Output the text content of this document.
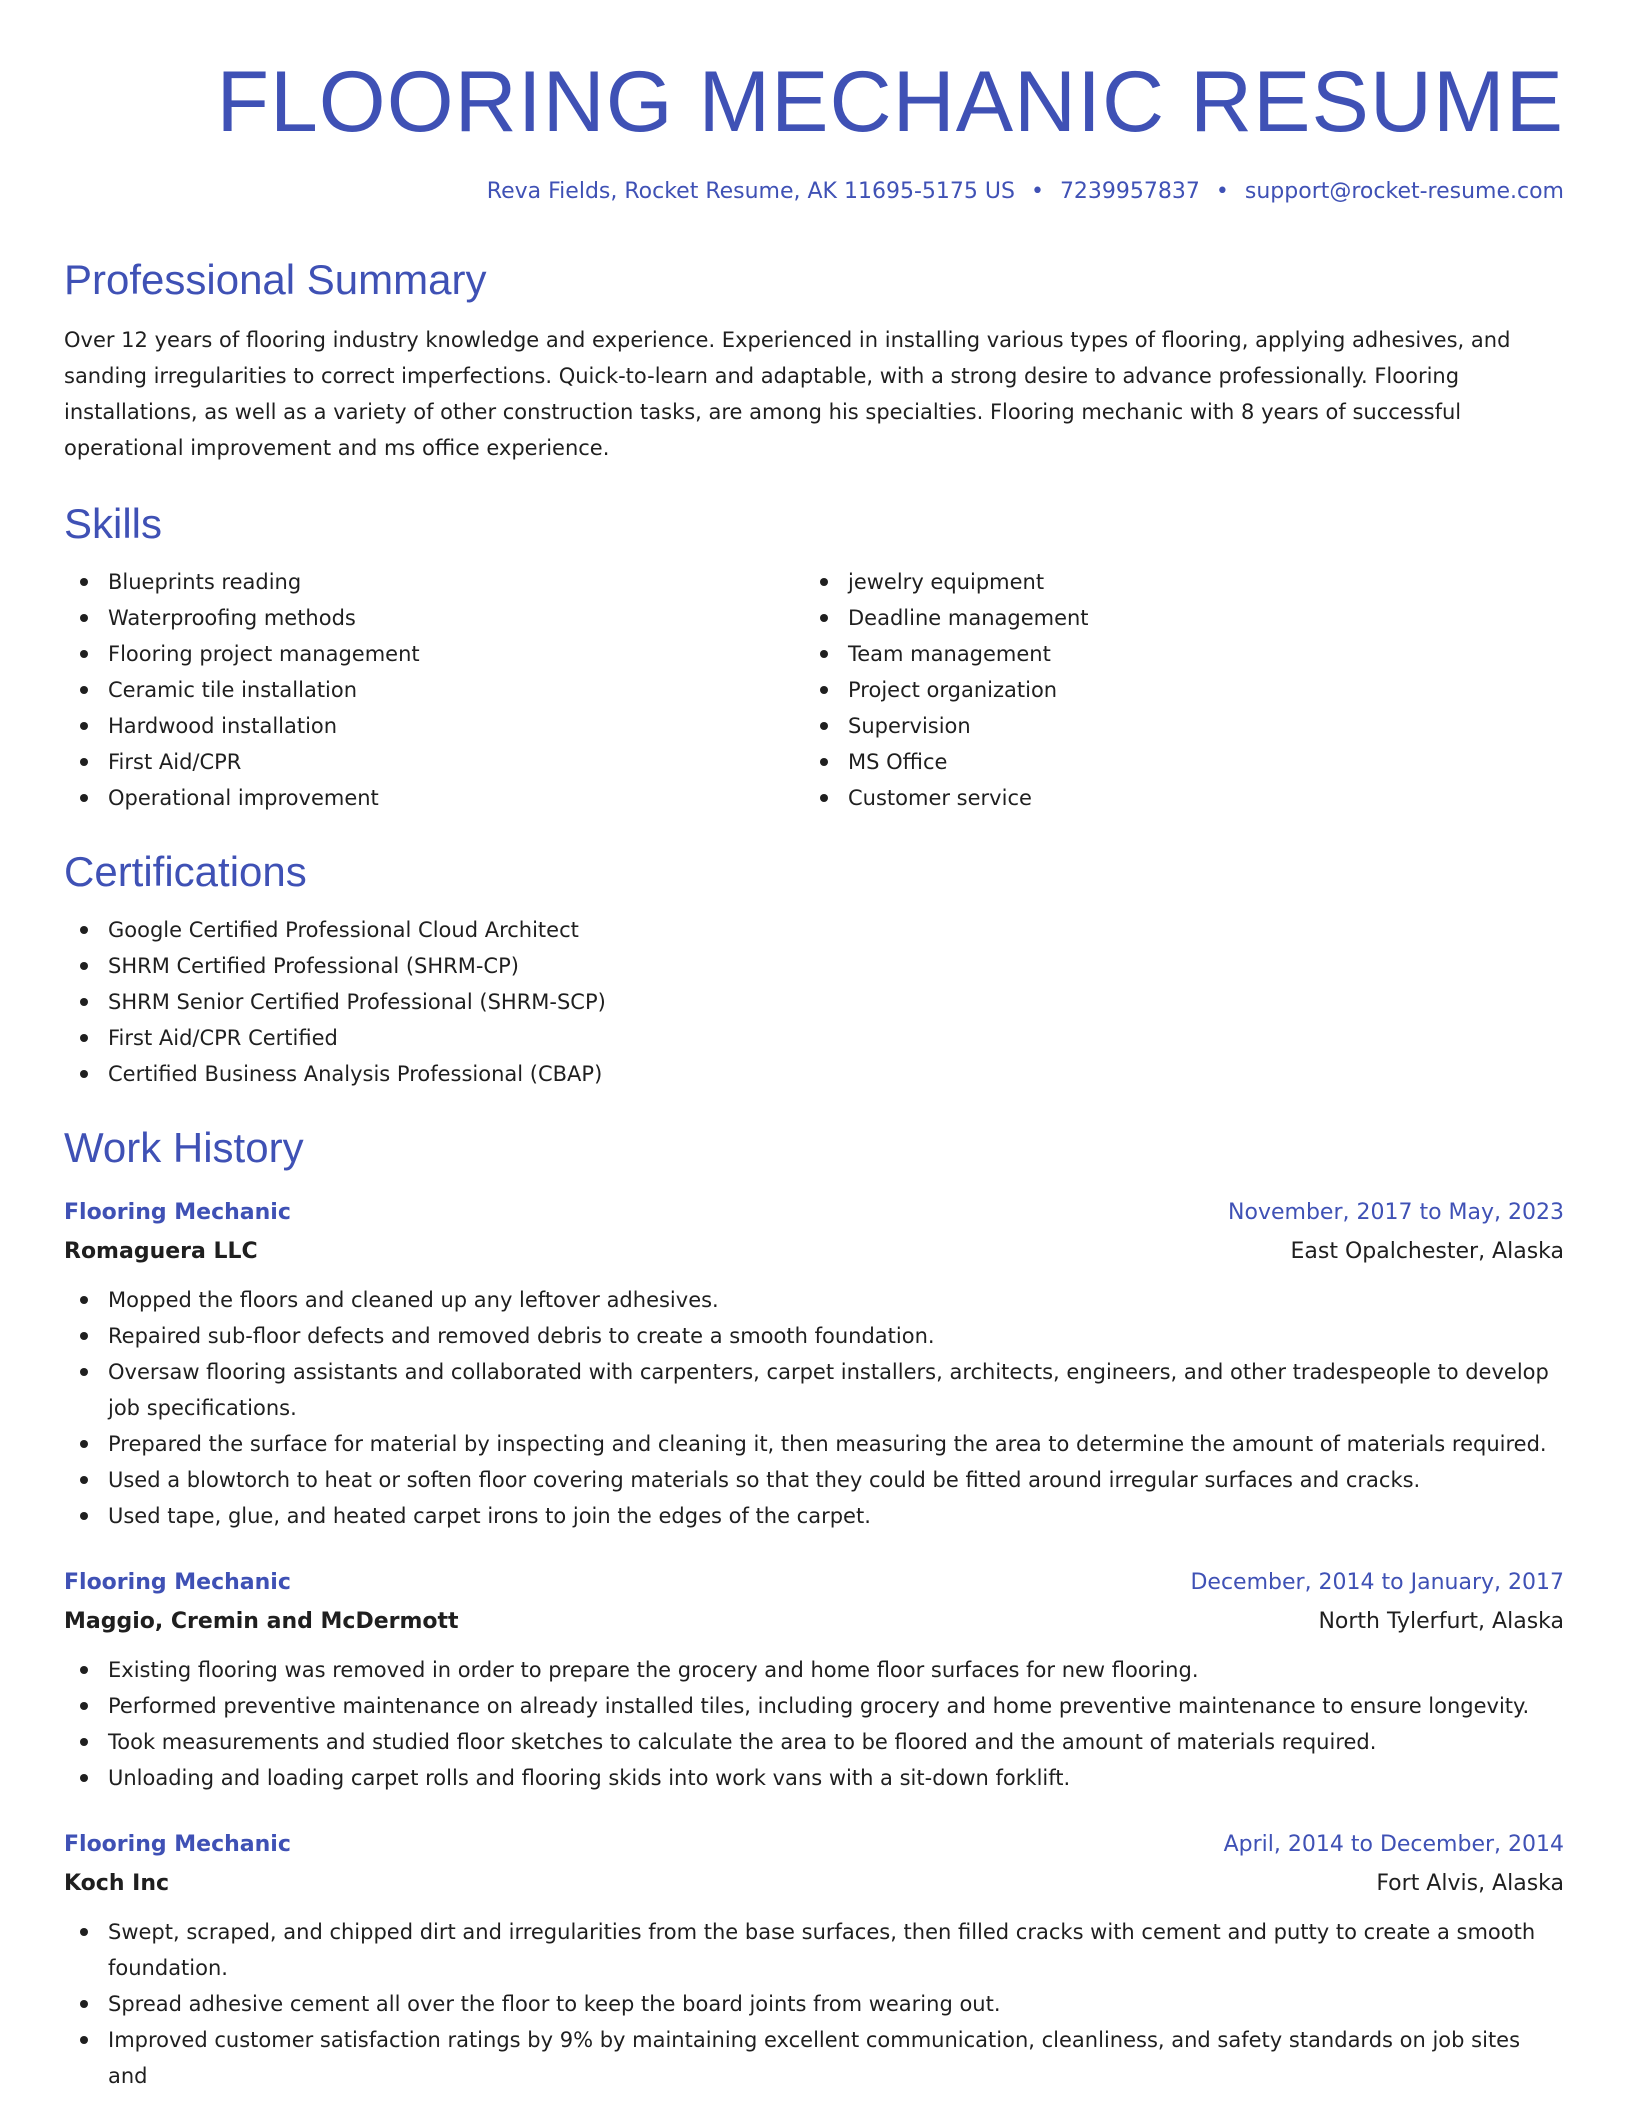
FLOORING MECHANIC RESUME
Reva Fields, Rocket Resume, AK 11695-5175 US • 7239957837 • support@rocket-resume.com
Professional Summary
Over 12 years of flooring industry knowledge and experience. Experienced in installing various types of flooring, applying adhesives, and sanding irregularities to correct imperfections. Quick-to-learn and adaptable, with a strong desire to advance professionally. Flooring installations, as well as a variety of other construction tasks, are among his specialties. Flooring mechanic with 8 years of successful operational improvement and ms office experience.
Skills
Blueprints reading
Waterproofing methods
Flooring project management
Ceramic tile installation
Hardwood installation
First Aid/CPR
Operational improvement
jewelry equipment
Deadline management
Team management
Project organization
Supervision
MS Office
Customer service
Certifications
Google Certified Professional Cloud Architect
SHRM Certified Professional (SHRM-CP)
SHRM Senior Certified Professional (SHRM-SCP)
First Aid/CPR Certified
Certified Business Analysis Professional (CBAP)
Work History
Flooring Mechanic	November, 2017 to May, 2023
Romaguera LLC	East Opalchester, Alaska
Mopped the floors and cleaned up any leftover adhesives.
Repaired sub-floor defects and removed debris to create a smooth foundation.
Oversaw flooring assistants and collaborated with carpenters, carpet installers, architects, engineers, and other tradespeople to develop job specifications.
Prepared the surface for material by inspecting and cleaning it, then measuring the area to determine the amount of materials required.
Used a blowtorch to heat or soften floor covering materials so that they could be fitted around irregular surfaces and cracks.
Used tape, glue, and heated carpet irons to join the edges of the carpet.
Flooring Mechanic	December, 2014 to January, 2017
Maggio, Cremin and McDermott	North Tylerfurt, Alaska
Existing flooring was removed in order to prepare the grocery and home floor surfaces for new flooring.
Performed preventive maintenance on already installed tiles, including grocery and home preventive maintenance to ensure longevity.
Took measurements and studied floor sketches to calculate the area to be floored and the amount of materials required.
Unloading and loading carpet rolls and flooring skids into work vans with a sit-down forklift.
Flooring Mechanic	April, 2014 to December, 2014
Koch Inc	Fort Alvis, Alaska
Swept, scraped, and chipped dirt and irregularities from the base surfaces, then filled cracks with cement and putty to create a smooth foundation.
Spread adhesive cement all over the floor to keep the board joints from wearing out.
Improved customer satisfaction ratings by 9% by maintaining excellent communication, cleanliness, and safety standards on job sites and
